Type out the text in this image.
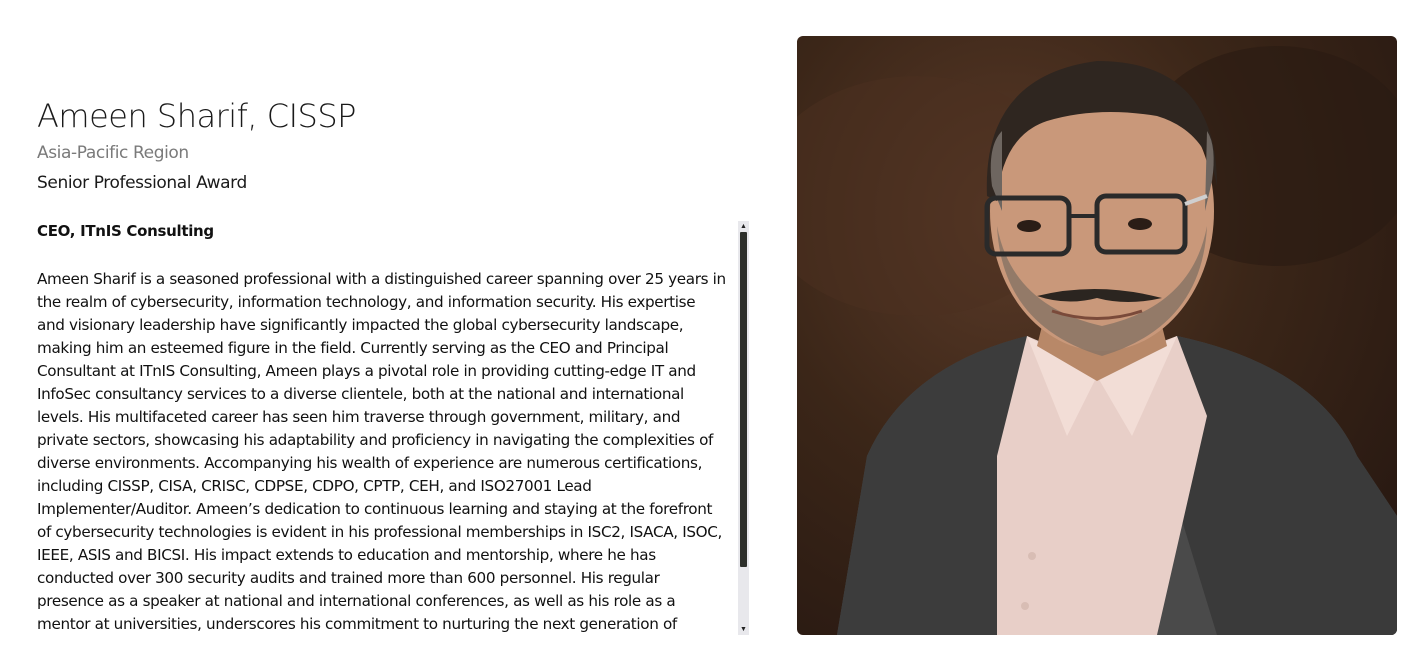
Ameen Sharif, CISSP
Asia-Pacific Region
Senior Professional Award
CEO, ITnIS Consulting

Ameen Sharif is a seasoned professional with a distinguished career spanning over 25 years in the realm of cybersecurity, information technology, and information security. His expertise and visionary leadership have significantly impacted the global cybersecurity landscape, making him an esteemed figure in the field. Currently serving as the CEO and Principal Consultant at ITnIS Consulting, Ameen plays a pivotal role in providing cutting-edge IT and InfoSec consultancy services to a diverse clientele, both at the national and international levels. His multifaceted career has seen him traverse through government, military, and private sectors, showcasing his adaptability and proficiency in navigating the complexities of diverse environments. Accompanying his wealth of experience are numerous certifications, including CISSP, CISA, CRISC, CDPSE, CDPO, CPTP, CEH, and ISO27001 Lead Implementer/Auditor. Ameen’s dedication to continuous learning and staying at the forefront of cybersecurity technologies is evident in his professional memberships in ISC2, ISACA, ISOC, IEEE, ASIS and BICSI. His impact extends to education and mentorship, where he has conducted over 300 security audits and trained more than 600 personnel. His regular presence as a speaker at national and international conferences, as well as his role as a mentor at universities, underscores his commitment to nurturing the next generation of

▲
▼
